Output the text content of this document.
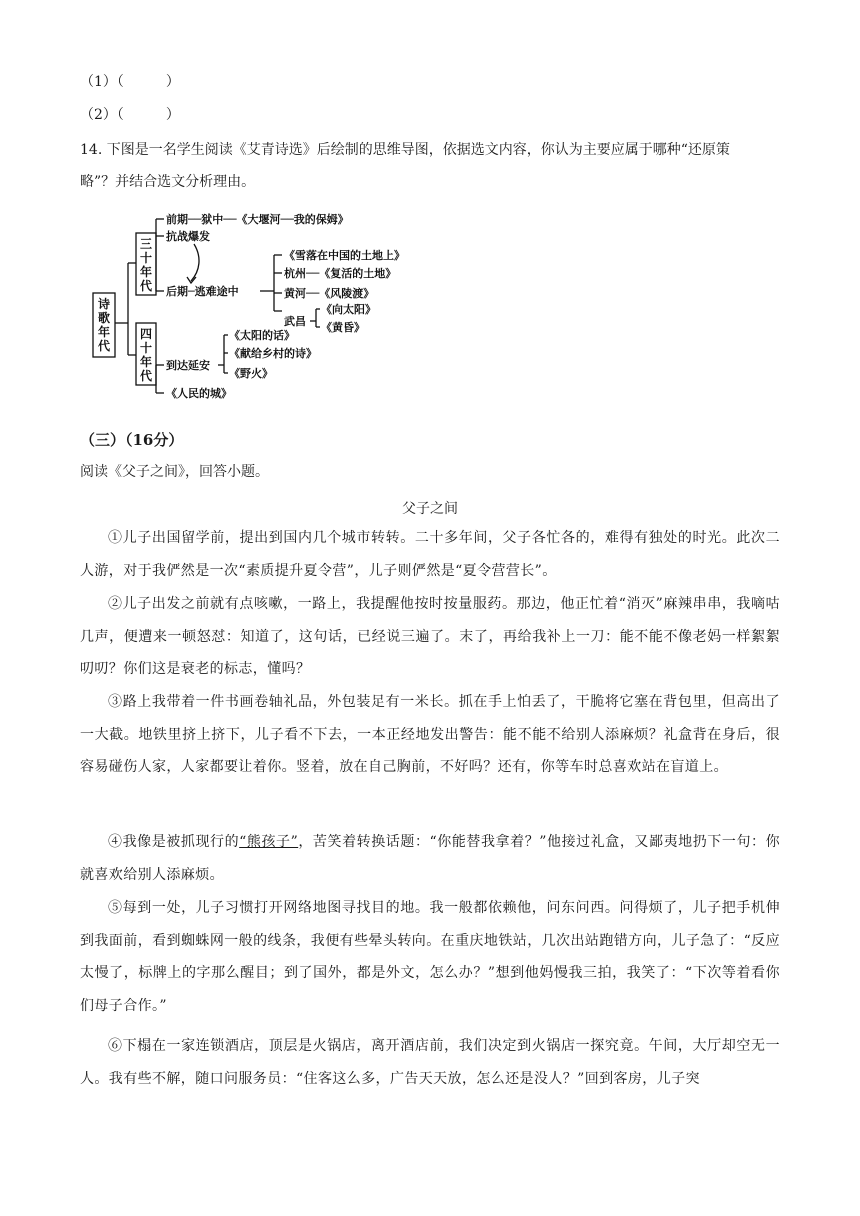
（1）（　　　）
（2）（　　　）
14. 下图是一名学生阅读《艾青诗选》后绘制的思维导图，依据选文内容，你认为主要应属于哪种“还原策
略”？并结合选文分析理由。
诗
歌
年
代
三
十
年
代
前期──狱中──《大堰河──我的保姆》
抗战爆发
后期─逃难途中
《雪落在中国的土地上》
杭州──《复活的土地》
黄河──《风陵渡》
武昌
《向太阳》
《黄昏》
四
十
年
代
到达延安
《人民的城》
《太阳的话》
《献给乡村的诗》
《野火》
（三）（16分）
阅读《父子之间》，回答小题。
父子之间
①儿子出国留学前，提出到国内几个城市转转。二十多年间，父子各忙各的，难得有独处的时光。此次二人游，对于我俨然是一次“素质提升夏令营”，儿子则俨然是“夏令营营长”。
②儿子出发之前就有点咳嗽，一路上，我提醒他按时按量服药。那边，他正忙着“消灭”麻辣串串，我嘀咕几声，便遭来一顿怒怼：知道了，这句话，已经说三遍了。末了，再给我补上一刀：能不能不像老妈一样絮絮叨叨？你们这是衰老的标志，懂吗？
③路上我带着一件书画卷轴礼品，外包装足有一米长。抓在手上怕丢了，干脆将它塞在背包里，但高出了一大截。地铁里挤上挤下，儿子看不下去，一本正经地发出警告：能不能不给别人添麻烦？礼盒背在身后，很容易碰伤人家，人家都要让着你。竖着，放在自己胸前，不好吗？还有，你等车时总喜欢站在盲道上。
④我像是被抓现行的“熊孩子”，苦笑着转换话题：“你能替我拿着？”他接过礼盒，又鄙夷地扔下一句：你就喜欢给别人添麻烦。
⑤每到一处，儿子习惯打开网络地图寻找目的地。我一般都依赖他，问东问西。问得烦了，儿子把手机伸到我面前，看到蜘蛛网一般的线条，我便有些晕头转向。在重庆地铁站，几次出站跑错方向，儿子急了：“反应太慢了，标牌上的字那么醒目；到了国外，都是外文，怎么办？”想到他妈慢我三拍，我笑了：“下次等着看你们母子合作。”
⑥下榻在一家连锁酒店，顶层是火锅店，离开酒店前，我们决定到火锅店一探究竟。午间，大厅却空无一人。我有些不解，随口问服务员：“住客这么多，广告天天放，怎么还是没人？”回到客房，儿子突
